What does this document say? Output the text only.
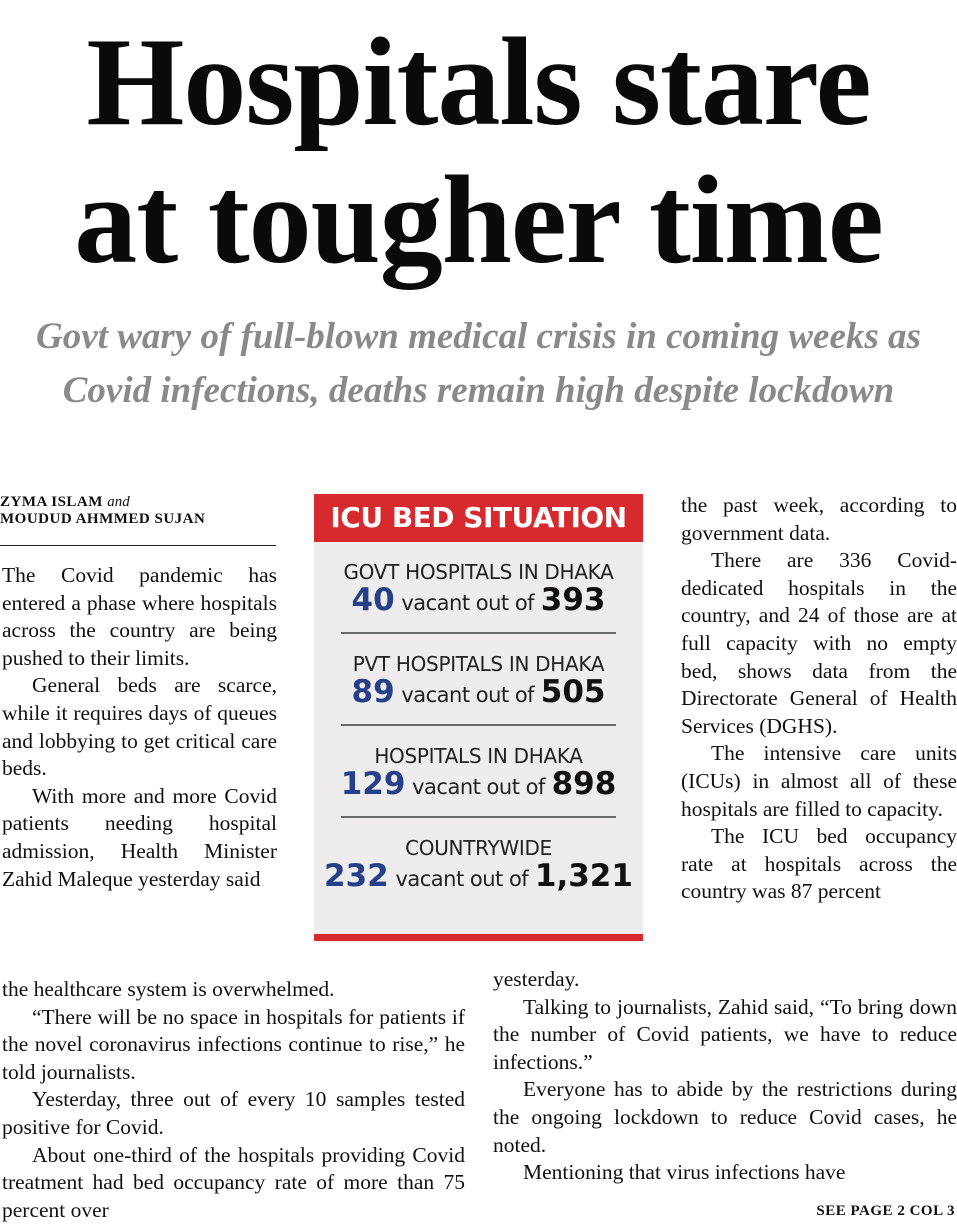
Hospitals stare
at tougher time
Govt wary of full-blown medical crisis in coming weeks as Covid infections, deaths remain high despite lockdown
ZYMA ISLAM and
MOUDUD AHMMED SUJAN

The Covid pandemic has entered a phase where hospitals across the country are being pushed to their limits.

General beds are scarce, while it requires days of queues and lobbying to get critical care beds.

With more and more Covid patients needing hospital admission, Health Minister Zahid Maleque yesterday said

ICU BED SITUATION
GOVT HOSPITALS IN DHAKA
40 vacant out of 393
PVT HOSPITALS IN DHAKA
89 vacant out of 505
HOSPITALS IN DHAKA
129 vacant out of 898
COUNTRYWIDE
232 vacant out of 1,321

the past week, according to government data.

There are 336 Covid-dedicated hospitals in the country, and 24 of those are at full capacity with no empty bed, shows data from the Directorate General of Health Services (DGHS).

The intensive care units (ICUs) in almost all of these hospitals are filled to capacity.

The ICU bed occupancy rate at hospitals across the country was 87 percent

the healthcare system is overwhelmed.

“There will be no space in hospitals for patients if the novel coronavirus infections continue to rise,” he told journalists.

Yesterday, three out of every 10 samples tested positive for Covid.

About one-third of the hospitals providing Covid treatment had bed occupancy rate of more than 75 percent over

yesterday.

Talking to journalists, Zahid said, “To bring down the number of Covid patients, we have to reduce infections.”

Everyone has to abide by the restrictions during the ongoing lockdown to reduce Covid cases, he noted.

Mentioning that virus infections have

SEE PAGE 2 COL 3
